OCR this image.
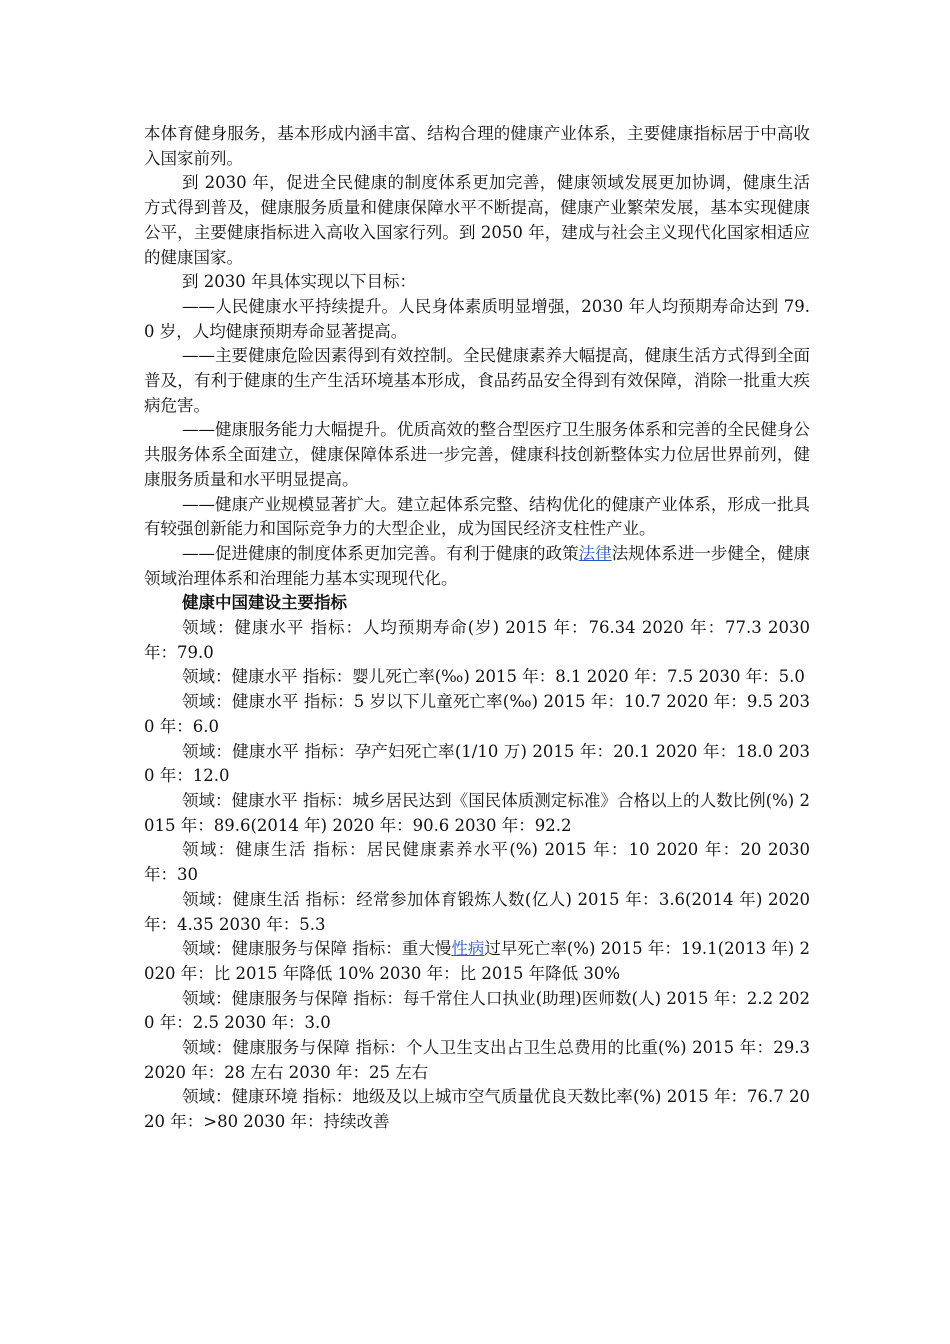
本体育健身服务，基本形成内涵丰富、结构合理的健康产业体系，主要健康指标居于中高收入国家前列。

到 2030 年，促进全民健康的制度体系更加完善，健康领域发展更加协调，健康生活方式得到普及，健康服务质量和健康保障水平不断提高，健康产业繁荣发展，基本实现健康公平，主要健康指标进入高收入国家行列。到 2050 年，建成与社会主义现代化国家相适应的健康国家。

到 2030 年具体实现以下目标：

——人民健康水平持续提升。人民身体素质明显增强，2030 年人均预期寿命达到 79.0 岁，人均健康预期寿命显著提高。

——主要健康危险因素得到有效控制。全民健康素养大幅提高，健康生活方式得到全面普及，有利于健康的生产生活环境基本形成，食品药品安全得到有效保障，消除一批重大疾病危害。

——健康服务能力大幅提升。优质高效的整合型医疗卫生服务体系和完善的全民健身公共服务体系全面建立，健康保障体系进一步完善，健康科技创新整体实力位居世界前列，健康服务质量和水平明显提高。

——健康产业规模显著扩大。建立起体系完整、结构优化的健康产业体系，形成一批具有较强创新能力和国际竞争力的大型企业，成为国民经济支柱性产业。

——促进健康的制度体系更加完善。有利于健康的政策法律法规体系进一步健全，健康领域治理体系和治理能力基本实现现代化。

健康中国建设主要指标

领域：健康水平 指标：人均预期寿命(岁) 2015 年：76.34 2020 年：77.3 2030 年：79.0

领域：健康水平 指标：婴儿死亡率(‰) 2015 年：8.1 2020 年：7.5 2030 年：5.0

领域：健康水平 指标：5 岁以下儿童死亡率(‰) 2015 年：10.7 2020 年：9.5 2030 年：6.0

领域：健康水平 指标：孕产妇死亡率(1/10 万) 2015 年：20.1 2020 年：18.0 2030 年：12.0

领域：健康水平 指标：城乡居民达到《国民体质测定标准》合格以上的人数比例(%) 2015 年：89.6(2014 年) 2020 年：90.6 2030 年：92.2

领域：健康生活 指标：居民健康素养水平(%) 2015 年：10 2020 年：20 2030 年：30

领域：健康生活 指标：经常参加体育锻炼人数(亿人) 2015 年：3.6(2014 年) 2020 年：4.35 2030 年：5.3

领域：健康服务与保障 指标：重大慢性病过早死亡率(%) 2015 年：19.1(2013 年) 2020 年：比 2015 年降低 10% 2030 年：比 2015 年降低 30%

领域：健康服务与保障 指标：每千常住人口执业(助理)医师数(人) 2015 年：2.2 2020 年：2.5 2030 年：3.0

领域：健康服务与保障 指标：个人卫生支出占卫生总费用的比重(%) 2015 年：29.3 2020 年：28 左右 2030 年：25 左右

领域：健康环境 指标：地级及以上城市空气质量优良天数比率(%) 2015 年：76.7 2020 年：>80 2030 年：持续改善
